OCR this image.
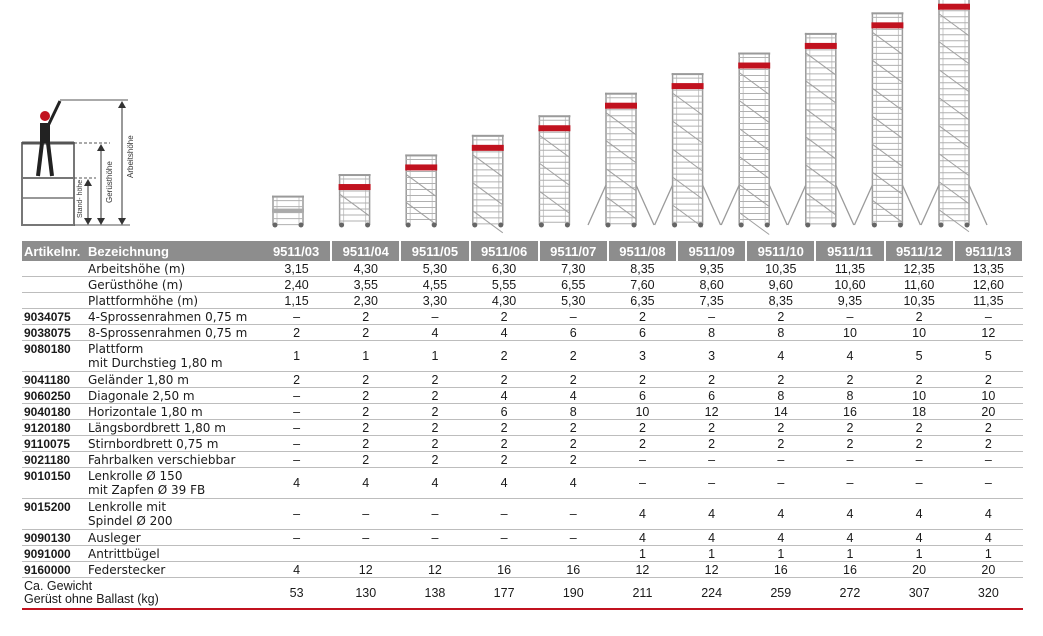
Arbeitshöhe
Gerüsthöhe
Stand- höhe
Artikelnr.	Bezeichnung	9511/03	9511/04	9511/05	9511/06	9511/07	9511/08	9511/09	9511/10	9511/11	9511/12	9511/13

	Arbeitshöhe (m)	3,15	4,30	5,30	6,30	7,30	8,35	9,35	10,35	11,35	12,35	13,35

	Gerüsthöhe (m)	2,40	3,55	4,55	5,55	6,55	7,60	8,60	9,60	10,60	11,60	12,60

	Plattformhöhe (m)	1,15	2,30	3,30	4,30	5,30	6,35	7,35	8,35	9,35	10,35	11,35
9034075	4-Sprossenrahmen 0,75 m	–	2	–	2	–	2	–	2	–	2	–
9038075	8-Sprossenrahmen 0,75 m	2	2	4	4	6	6	8	8	10	10	12
9080180	Plattform
mit Durchstieg 1,80 m	1	1	1	2	2	3	3	4	4	5	5
9041180	Geländer 1,80 m	2	2	2	2	2	2	2	2	2	2	2
9060250	Diagonale 2,50 m	–	2	2	4	4	6	6	8	8	10	10
9040180	Horizontale 1,80 m	–	2	2	6	8	10	12	14	16	18	20
9120180	Längsbordbrett 1,80 m	–	2	2	2	2	2	2	2	2	2	2
9110075	Stirnbordbrett 0,75 m	–	2	2	2	2	2	2	2	2	2	2
9021180	Fahrbalken verschiebbar	–	2	2	2	2	–	–	–	–	–	–
9010150	Lenkrolle Ø 150
mit Zapfen Ø 39 FB	4	4	4	4	4	–	–	–	–	–	–
9015200	Lenkrolle mit
Spindel Ø 200	–	–	–	–	–	4	4	4	4	4	4
9090130	Ausleger	–	–	–	–	–	4	4	4	4	4	4
9091000	Antrittbügel						1	1	1	1	1	1
9160000	Federstecker	4	12	12	16	16	12	12	16	16	20	20

Ca. Gewicht
Gerüst ohne Ballast (kg)		53	130	138	177	190	211	224	259	272	307	320
